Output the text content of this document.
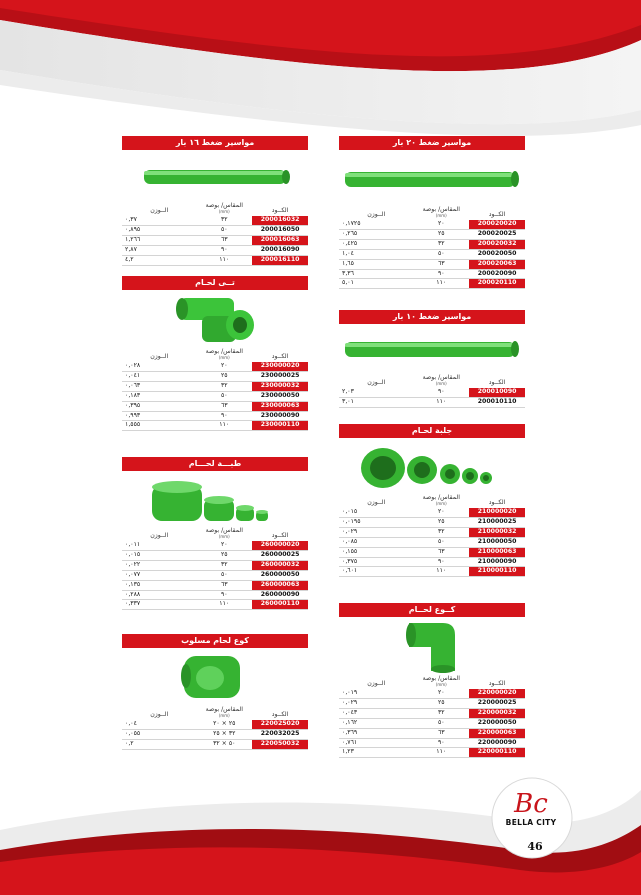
مواسير ضغط ١٦ بار
الــوزن	المقاس/ بوصة
(mm)	الكــود
٠,٣٧	٣٢	200016032
٠,٨٩٥	٥٠	200016050
١,٢٦٦	٦٣	200016063
٢,٨٧	٩٠	200016090
٤,٢	١١٠	200016110
تــى لحـام
الــوزن	المقاس/ بوصة
(mm)	الكــود
٠,٠٢٨	٢٠	230000020
٠,٠٤١	٢٥	230000025
٠,٠٦٣	٣٢	230000032
٠,١٨٣	٥٠	230000050
٠,٣٩٥	٦٣	230000063
٠,٩٩٣	٩٠	230000090
١,٥٥٥	١١٠	230000110
طبـــة لحـــام
الــوزن	المقاس/ بوصة
(mm)	الكــود
٠,٠١١	٢٠	260000020
٠,٠١٥	٢٥	260000025
٠,٠٢٢	٣٢	260000032
٠,٠٧٧	٥٠	260000050
٠,١٣٥	٦٣	260000063
٠,٢٨٨	٩٠	260000090
٠,٣٣٧	١١٠	260000110
كوع لحام مسلوب
الــوزن	المقاس/ بوصة
(mm)	الكــود
٠,٠٤	٢٥ × ٢٠	220025020
٠,٠٥٥	٣٢ × ٢٥	220032025
٠,٢	٥٠ × ٣٢	220050032
مواسير ضغط ٢٠ بار
الــوزن	المقاس/ بوصة
(mm)	الكــود
٠,١٧٢٥	٢٠	200020020
٠,٢٦٥	٢٥	200020025
٠,٤٢٥	٣٢	200020032
١,٠٤	٥٠	200020050
١,٦٥	٦٣	200020063
٣,٣٦	٩٠	200020090
٥,٠١	١١٠	200020110
مواسير ضغط ١٠ بار
الــوزن	المقاس/ بوصة
(mm)	الكــود
٢,٠٣	٩٠	200010090
٣,٠١	١١٠	200010110
جلبة لحـام
الــوزن	المقاس/ بوصة
(mm)	الكــود
٠,٠١٥	٢٠	210000020
٠,٠١٩٥	٢٥	210000025
٠,٠٢٩	٣٢	210000032
٠,٠٨٥	٥٠	210000050
٠,١٥٥	٦٣	210000063
٠,٣٧٥	٩٠	210000090
٠,٦٠١	١١٠	210000110
كــوع لحــام
الــوزن	المقاس/ بوصة
(mm)	الكــود
٠,٠١٩	٢٠	220000020
٠,٠٢٩	٢٥	220000025
٠,٠٤٣	٣٢	220000032
٠,١٦٢	٥٠	220000050
٠,٣٦٩	٦٣	220000063
٠,٧٦١	٩٠	220000090
١,٢٣	١١٠	220000110
Bc
BELLA CITY
46
